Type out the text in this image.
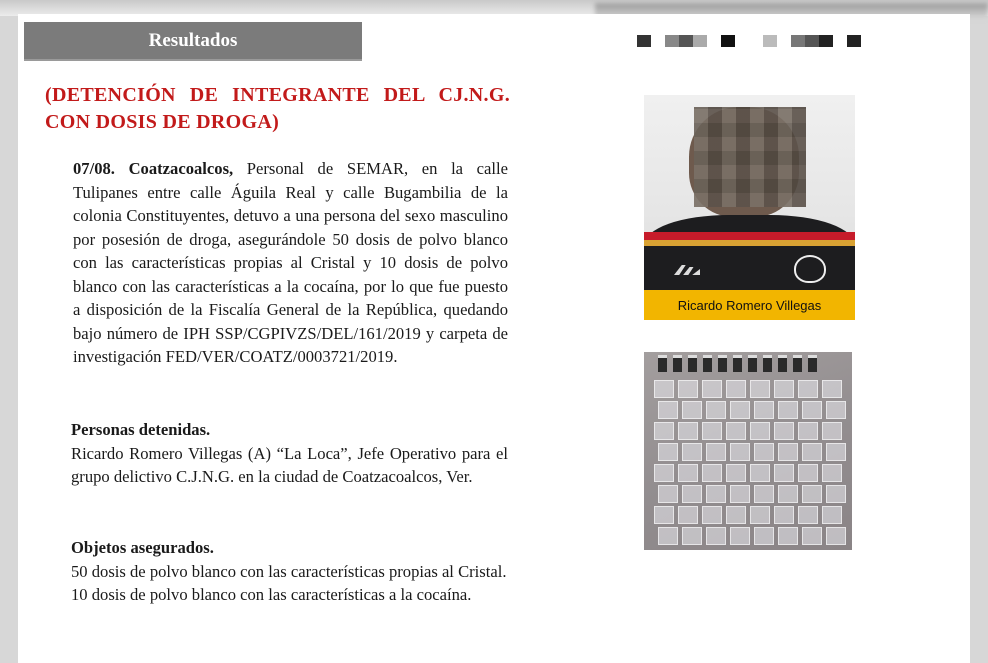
Resultados
(DETENCIÓN DE INTEGRANTE DEL CJ.N.G. CON DOSIS DE DROGA)
07/08. Coatzacoalcos, Personal de SEMAR, en la calle Tulipanes entre calle Águila Real y calle Bugambilia de la colonia Constituyentes, detuvo a una persona del sexo masculino por posesión de droga, asegurándole 50 dosis de polvo blanco con las características propias al Cristal y 10 dosis de polvo blanco con las características a la cocaína, por lo que fue puesto a disposición de la Fiscalía General de la República, quedando bajo número de IPH SSP/CGPIVZS/DEL/161/2019 y carpeta de investigación FED/VER/COATZ/0003721/2019.
Personas detenidas.
Ricardo Romero Villegas (A) “La Loca”, Jefe Operativo para el grupo delictivo C.J.N.G. en la ciudad de Coatzacoalcos, Ver.
Objetos asegurados.
50 dosis de polvo blanco con las características propias al Cristal.
10 dosis de polvo blanco con las características a la cocaína.
Ricardo Romero Villegas
